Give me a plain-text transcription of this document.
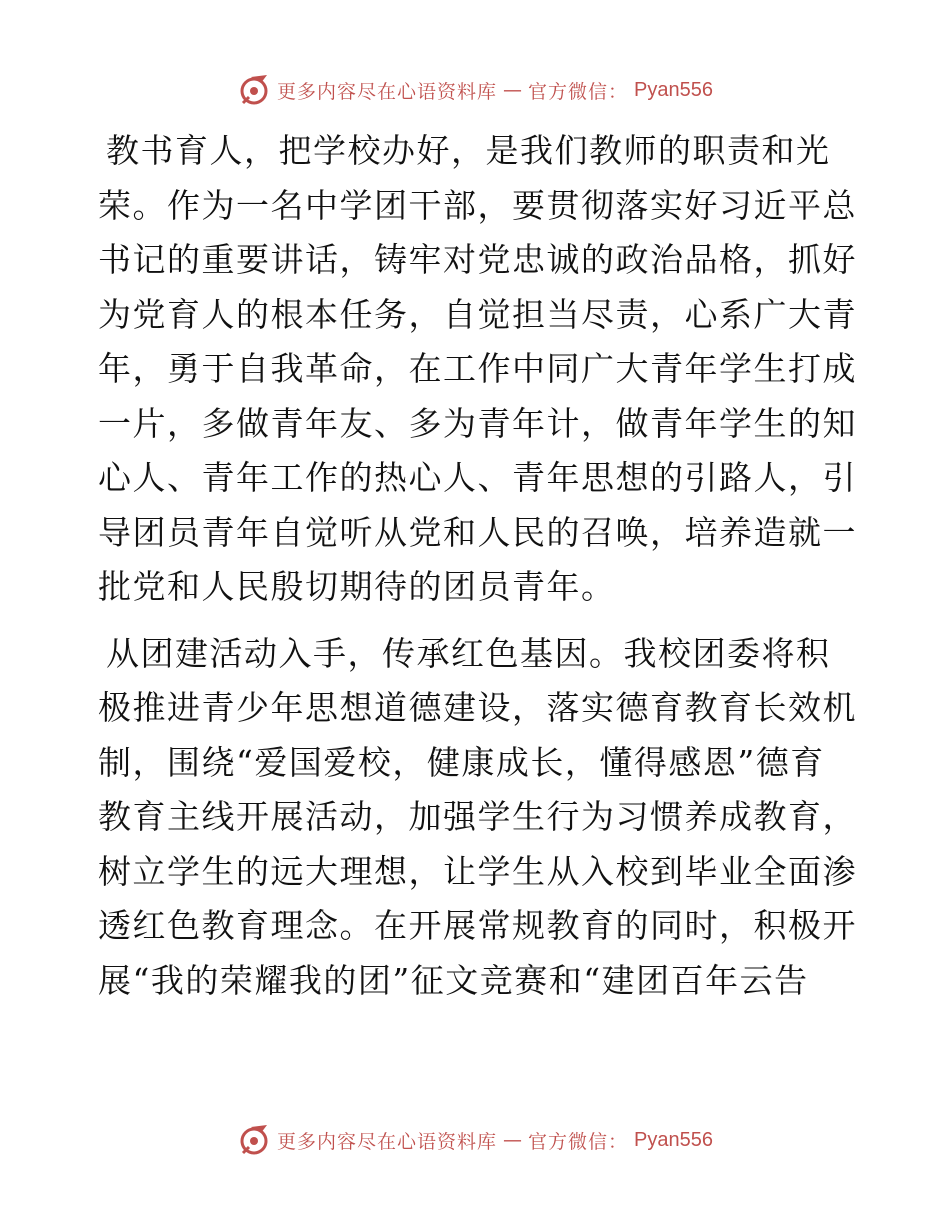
更多内容尽在心语资料库 — 官方微信： Pyan556
教书育人，把学校办好，是我们教师的职责和光
荣。作为一名中学团干部，要贯彻落实好习近平总
书记的重要讲话，铸牢对党忠诚的政治品格，抓好
为党育人的根本任务，自觉担当尽责，心系广大青
年，勇于自我革命，在工作中同广大青年学生打成
一片，多做青年友、多为青年计，做青年学生的知
心人、青年工作的热心人、青年思想的引路人，引
导团员青年自觉听从党和人民的召唤，培养造就一
批党和人民殷切期待的团员青年。
从团建活动入手，传承红色基因。我校团委将积
极推进青少年思想道德建设，落实德育教育长效机
制，围绕“爱国爱校，健康成长，懂得感恩”德育
教育主线开展活动，加强学生行为习惯养成教育，
树立学生的远大理想，让学生从入校到毕业全面渗
透红色教育理念。在开展常规教育的同时，积极开
展“我的荣耀我的团”征文竞赛和“建团百年云告
更多内容尽在心语资料库 — 官方微信： Pyan556
